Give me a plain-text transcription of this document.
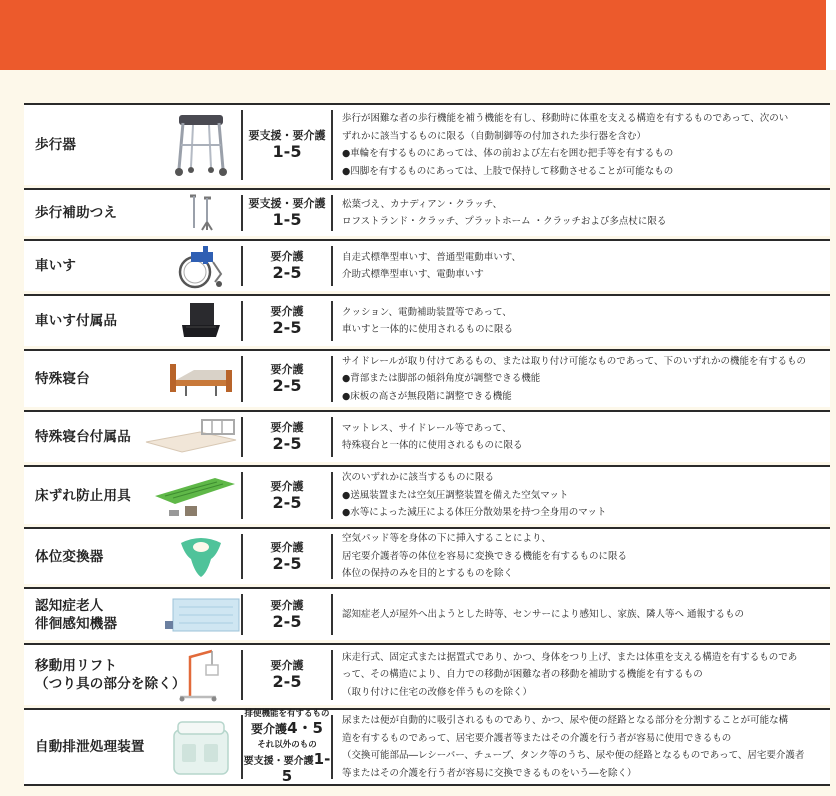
歩行器
要支援・要介護
1-5
歩行が困難な者の歩行機能を補う機能を有し、移動時に体重を支える構造を有するものであって、次のい
ずれかに該当するものに限る（自動制御等の付加された歩行器を含む）
●車輪を有するものにあっては、体の前および左右を囲む把手等を有するもの
●四脚を有するものにあっては、上肢で保持して移動させることが可能なもの
歩行補助つえ
要支援・要介護
1-5
松葉づえ、カナディアン・クラッチ、
ロフストランド・クラッチ、プラットホーム ・クラッチおよび多点杖に限る
車いす
要介護
2-5
自走式標準型車いす、普通型電動車いす、
介助式標準型車いす、電動車いす
車いす付属品
要介護
2-5
クッション、電動補助装置等であって、
車いすと一体的に使用されるものに限る
特殊寝台
要介護
2-5
サイドレールが取り付けてあるもの、または取り付け可能なものであって、下のいずれかの機能を有するもの
●背部または脚部の傾斜角度が調整できる機能
●床板の高さが無段階に調整できる機能
特殊寝台付属品
要介護
2-5
マットレス、サイドレール等であって、
特殊寝台と一体的に使用されるものに限る
床ずれ防止用具
要介護
2-5
次のいずれかに該当するものに限る
●送風装置または空気圧調整装置を備えた空気マット
●水等によった減圧による体圧分散効果を持つ全身用のマット
体位変換器
要介護
2-5
空気パッド等を身体の下に挿入することにより、
居宅要介護者等の体位を容易に変換できる機能を有するものに限る
体位の保持のみを目的とするものを除く
認知症老人
徘徊感知機器
要介護
2-5	認知症老人が屋外へ出ようとした時等、センサーにより感知し、家族、隣人等へ 通報するもの
移動用リフト
（つり具の部分を除く）
要介護
2-5
床走行式、固定式または据置式であり、かつ、身体をつり上げ、または体重を支える構造を有するものであ
って、その構造により、自力での移動が困難な者の移動を補助する機能を有するもの
（取り付けに住宅の改修を伴うものを除く）
自動排泄処理装置
排便機能を有するもの
要介護4・5
それ以外のもの
要支援・要介護1-5
尿または便が自動的に吸引されるものであり、かつ、尿や便の経路となる部分を分割することが可能な構
造を有するものであって、居宅要介護者等またはその介護を行う者が容易に使用できるもの
（交換可能部品―レシーバー、チューブ、タンク等のうち、尿や便の経路となるものであって、居宅要介護者
等またはその介護を行う者が容易に交換できるものをいう―を除く）
